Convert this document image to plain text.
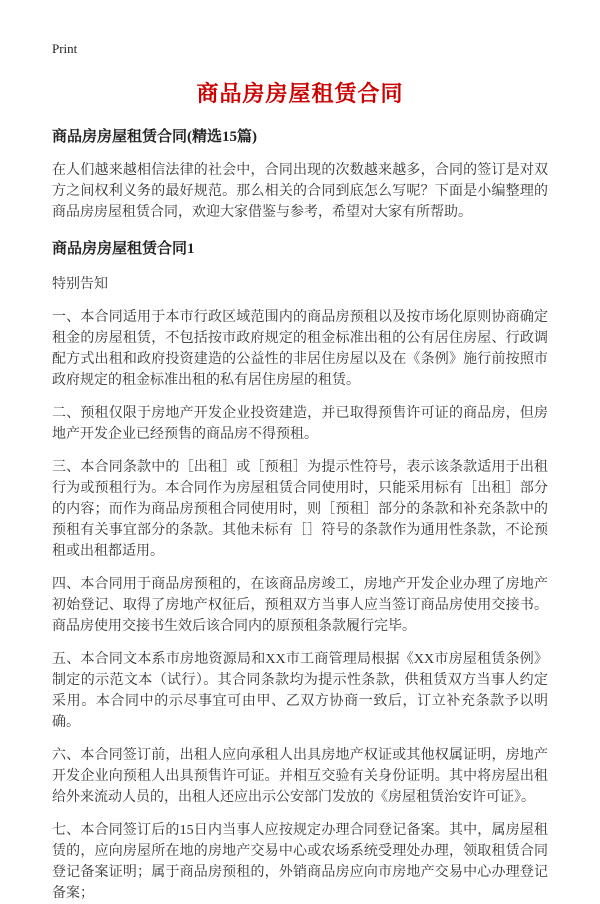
Print
商品房房屋租赁合同
商品房房屋租赁合同(精选15篇)

在人们越来越相信法律的社会中，合同出现的次数越来越多，合同的签订是对双方之间权利义务的最好规范。那么相关的合同到底怎么写呢？下面是小编整理的商品房房屋租赁合同，欢迎大家借鉴与参考，希望对大家有所帮助。

商品房房屋租赁合同1
特别告知

一、本合同适用于本市行政区域范围内的商品房预租以及按市场化原则协商确定租金的房屋租赁，不包括按市政府规定的租金标准出租的公有居住房屋、行政调配方式出租和政府投资建造的公益性的非居住房屋以及在《条例》施行前按照市政府规定的租金标准出租的私有居住房屋的租赁。

二、预租仅限于房地产开发企业投资建造，并已取得预售许可证的商品房，但房地产开发企业已经预售的商品房不得预租。

三、本合同条款中的［出租］或［预租］为提示性符号，表示该条款适用于出租行为或预租行为。本合同作为房屋租赁合同使用时，只能采用标有［出租］部分的内容；而作为商品房预租合同使用时，则［预租］部分的条款和补充条款中的预租有关事宜部分的条款。其他未标有［］符号的条款作为通用性条款，不论预租或出租都适用。

四、本合同用于商品房预租的，在该商品房竣工，房地产开发企业办理了房地产初始登记、取得了房地产权征后，预租双方当事人应当签订商品房使用交接书。商品房使用交接书生效后该合同内的原预租条款履行完毕。

五、本合同文本系市房地资源局和XX市工商管理局根据《XX市房屋租赁条例》制定的示范文本（试行）。其合同条款均为提示性条款，供租赁双方当事人约定采用。本合同中的示尽事宜可由甲、乙双方协商一致后，订立补充条款予以明确。

六、本合同签订前，出租人应向承租人出具房地产权证或其他权属证明，房地产开发企业向预租人出具预售许可证。并相互交验有关身份证明。其中将房屋出租给外来流动人员的，出租人还应出示公安部门发放的《房屋租赁治安许可证》。

七、本合同签订后的15日内当事人应按规定办理合同登记备案。其中，属房屋租赁的，应向房屋所在地的房地产交易中心或农场系统受理处办理，领取租赁合同登记备案证明；属于商品房预租的，外销商品房应向市房地产交易中心办理登记备案；
